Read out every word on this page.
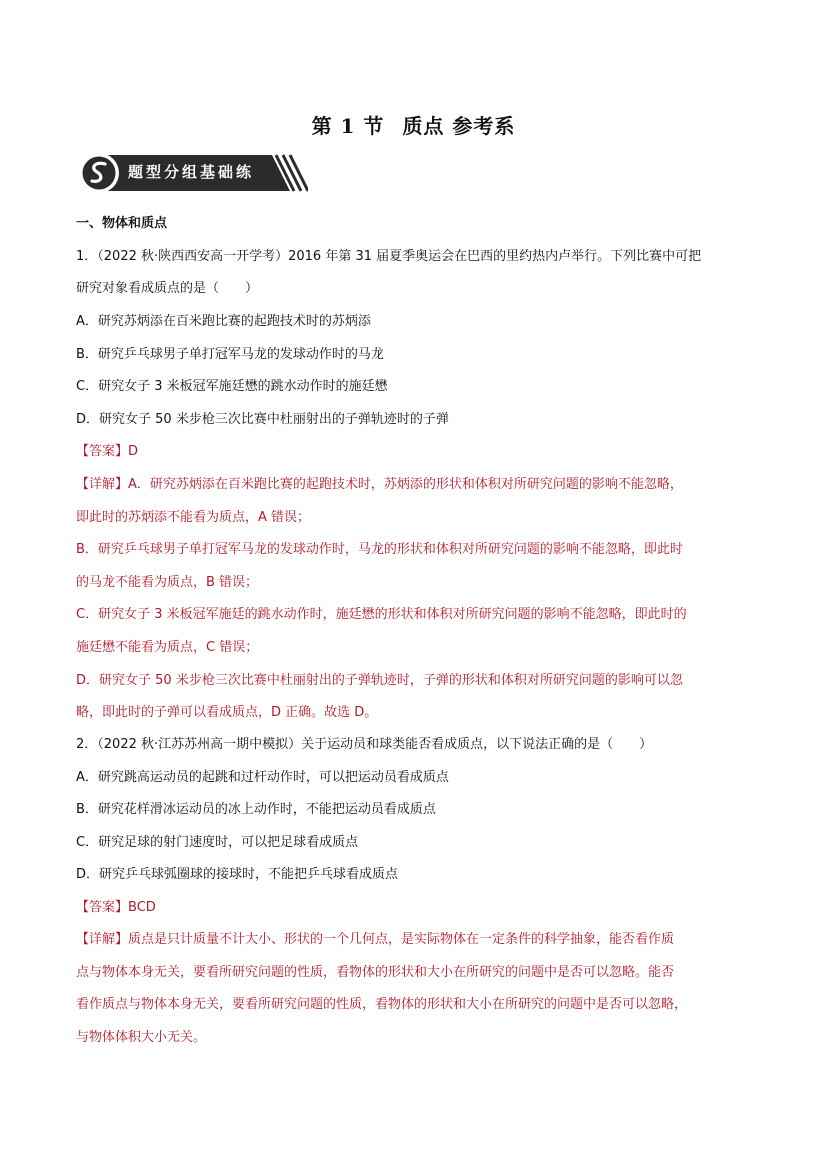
第 1 节 质点 参考系
题型分组基础练
一、物体和质点
1．（2022 秋·陕西西安高一开学考）2016 年第 31 届夏季奥运会在巴西的里约热内卢举行。下列比赛中可把
研究对象看成质点的是（　　）
A．研究苏炳添在百米跑比赛的起跑技术时的苏炳添
B．研究乒乓球男子单打冠军马龙的发球动作时的马龙
C．研究女子 3 米板冠军施廷懋的跳水动作时的施廷懋
D．研究女子 50 米步枪三次比赛中杜丽射出的子弹轨迹时的子弹
【答案】D
【详解】A．研究苏炳添在百米跑比赛的起跑技术时，苏炳添的形状和体积对所研究问题的影响不能忽略，
即此时的苏炳添不能看为质点，A 错误；
B．研究乒乓球男子单打冠军马龙的发球动作时，马龙的形状和体积对所研究问题的影响不能忽略，即此时
的马龙不能看为质点，B 错误；
C．研究女子 3 米板冠军施廷的跳水动作时，施廷懋的形状和体积对所研究问题的影响不能忽略，即此时的
施廷懋不能看为质点，C 错误；
D．研究女子 50 米步枪三次比赛中杜丽射出的子弹轨迹时，子弹的形状和体积对所研究问题的影响可以忽
略，即此时的子弹可以看成质点，D 正确。故选 D。
2．（2022 秋·江苏苏州高一期中模拟）关于运动员和球类能否看成质点，以下说法正确的是（　　）
A．研究跳高运动员的起跳和过杆动作时，可以把运动员看成质点
B．研究花样滑冰运动员的冰上动作时，不能把运动员看成质点
C．研究足球的射门速度时，可以把足球看成质点
D．研究乒乓球弧圈球的接球时，不能把乒乓球看成质点
【答案】BCD
【详解】质点是只计质量不计大小、形状的一个几何点，是实际物体在一定条件的科学抽象，能否看作质
点与物体本身无关，要看所研究问题的性质，看物体的形状和大小在所研究的问题中是否可以忽略。能否
看作质点与物体本身无关，要看所研究问题的性质，看物体的形状和大小在所研究的问题中是否可以忽略，
与物体体积大小无关。
